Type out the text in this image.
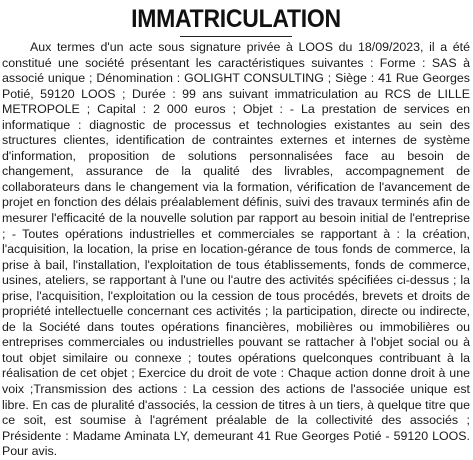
IMMATRICULATION

Aux termes d'un acte sous signature privée à LOOS du 18/09/2023, il a été constitué une société présentant les caractéristiques suivantes : Forme : SAS à associé unique ; Dénomination : GOLIGHT CONSULTING ; Siège : 41 Rue Georges Potié, 59120 LOOS ; Durée : 99 ans suivant immatriculation au RCS de LILLE METROPOLE ; Capital : 2 000 euros ; Objet : - La prestation de services en informatique : diagnostic de processus et technologies existantes au sein des structures clientes, identification de contraintes externes et internes de système d'information, proposition de solutions personnalisées face au besoin de changement, assurance de la qualité des livrables, accompagnement de collaborateurs dans le changement via la formation, vérification de l'avancement de projet en fonction des délais préalablement définis, suivi des travaux terminés afin de mesurer l'efficacité de la nouvelle solution par rapport au besoin initial de l'entreprise ; - Toutes opérations industrielles et commerciales se rapportant à : la création, l'acquisition, la location, la prise en location-gérance de tous fonds de commerce, la prise à bail, l'installation, l'exploitation de tous établissements, fonds de commerce, usines, ateliers, se rapportant à l'une ou l'autre des activités spécifiées ci-dessus ; la prise, l'acquisition, l'exploitation ou la cession de tous procédés, brevets et droits de propriété intellectuelle concernant ces activités ; la participation, directe ou indirecte, de la Société dans toutes opérations financières, mobilières ou immobilières ou entreprises commerciales ou industrielles pouvant se rattacher à l'objet social ou à tout objet similaire ou connexe ; toutes opérations quelconques contribuant à la réalisation de cet objet ; Exercice du droit de vote : Chaque action donne droit à une voix ;Transmission des actions : La cession des actions de l'associée unique est libre. En cas de pluralité d'associés, la cession de titres à un tiers, à quelque titre que ce soit, est soumise à l'agrément préalable de la collectivité des associés ; Présidente : Madame Aminata LY, demeurant 41 Rue Georges Potié - 59120 LOOS. Pour avis.
